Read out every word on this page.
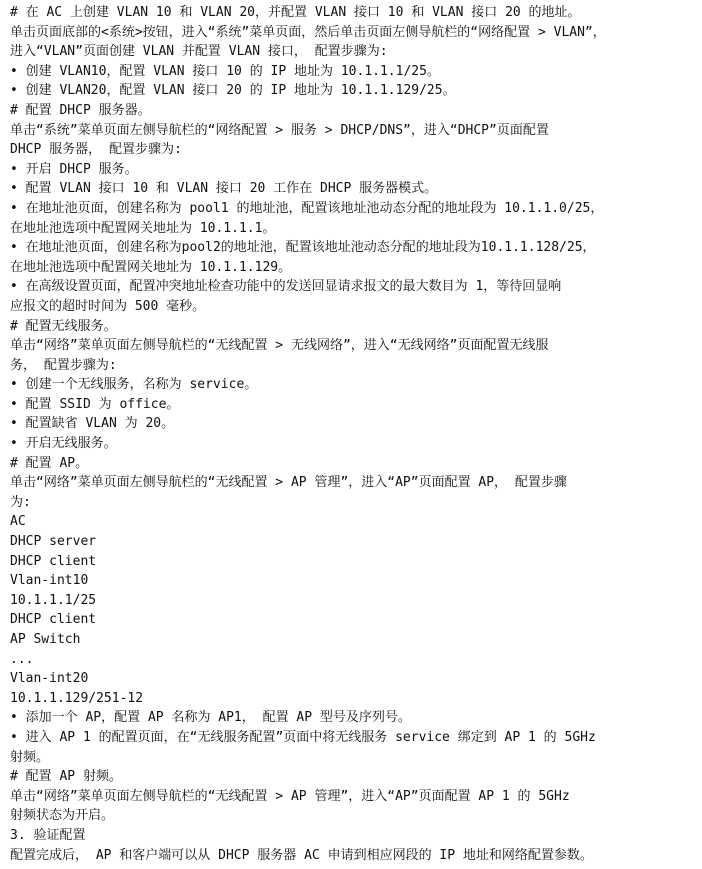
# 在 AC 上创建 VLAN 10 和 VLAN 20，并配置 VLAN 接口 10 和 VLAN 接口 20 的地址。
单击页面底部的<系统>按钮，进入“系统”菜单页面，然后单击页面左侧导航栏的“网络配置 > VLAN”，
进入“VLAN”页面创建 VLAN 并配置 VLAN 接口， 配置步骤为:
• 创建 VLAN10，配置 VLAN 接口 10 的 IP 地址为 10.1.1.1/25。
• 创建 VLAN20，配置 VLAN 接口 20 的 IP 地址为 10.1.1.129/25。
# 配置 DHCP 服务器。
单击“系统”菜单页面左侧导航栏的“网络配置 > 服务 > DHCP/DNS”，进入“DHCP”页面配置
DHCP 服务器， 配置步骤为:
• 开启 DHCP 服务。
• 配置 VLAN 接口 10 和 VLAN 接口 20 工作在 DHCP 服务器模式。
• 在地址池页面，创建名称为 pool1 的地址池，配置该地址池动态分配的地址段为 10.1.1.0/25，
在地址池选项中配置网关地址为 10.1.1.1。
• 在地址池页面，创建名称为pool2的地址池，配置该地址池动态分配的地址段为10.1.1.128/25，
在地址池选项中配置网关地址为 10.1.1.129。
• 在高级设置页面，配置冲突地址检查功能中的发送回显请求报文的最大数目为 1，等待回显响
应报文的超时时间为 500 毫秒。
# 配置无线服务。
单击“网络”菜单页面左侧导航栏的“无线配置 > 无线网络”，进入“无线网络”页面配置无线服
务， 配置步骤为:
• 创建一个无线服务，名称为 service。
• 配置 SSID 为 office。
• 配置缺省 VLAN 为 20。
• 开启无线服务。
# 配置 AP。
单击“网络”菜单页面左侧导航栏的“无线配置 > AP 管理”，进入“AP”页面配置 AP， 配置步骤
为:
AC
DHCP server
DHCP client
Vlan-int10
10.1.1.1/25
DHCP client
AP Switch
...
Vlan-int20
10.1.1.129/251-12
• 添加一个 AP，配置 AP 名称为 AP1， 配置 AP 型号及序列号。
• 进入 AP 1 的配置页面，在“无线服务配置”页面中将无线服务 service 绑定到 AP 1 的 5GHz
射频。
# 配置 AP 射频。
单击“网络”菜单页面左侧导航栏的“无线配置 > AP 管理”，进入“AP”页面配置 AP 1 的 5GHz
射频状态为开启。
3. 验证配置
配置完成后， AP 和客户端可以从 DHCP 服务器 AC 申请到相应网段的 IP 地址和网络配置参数。
